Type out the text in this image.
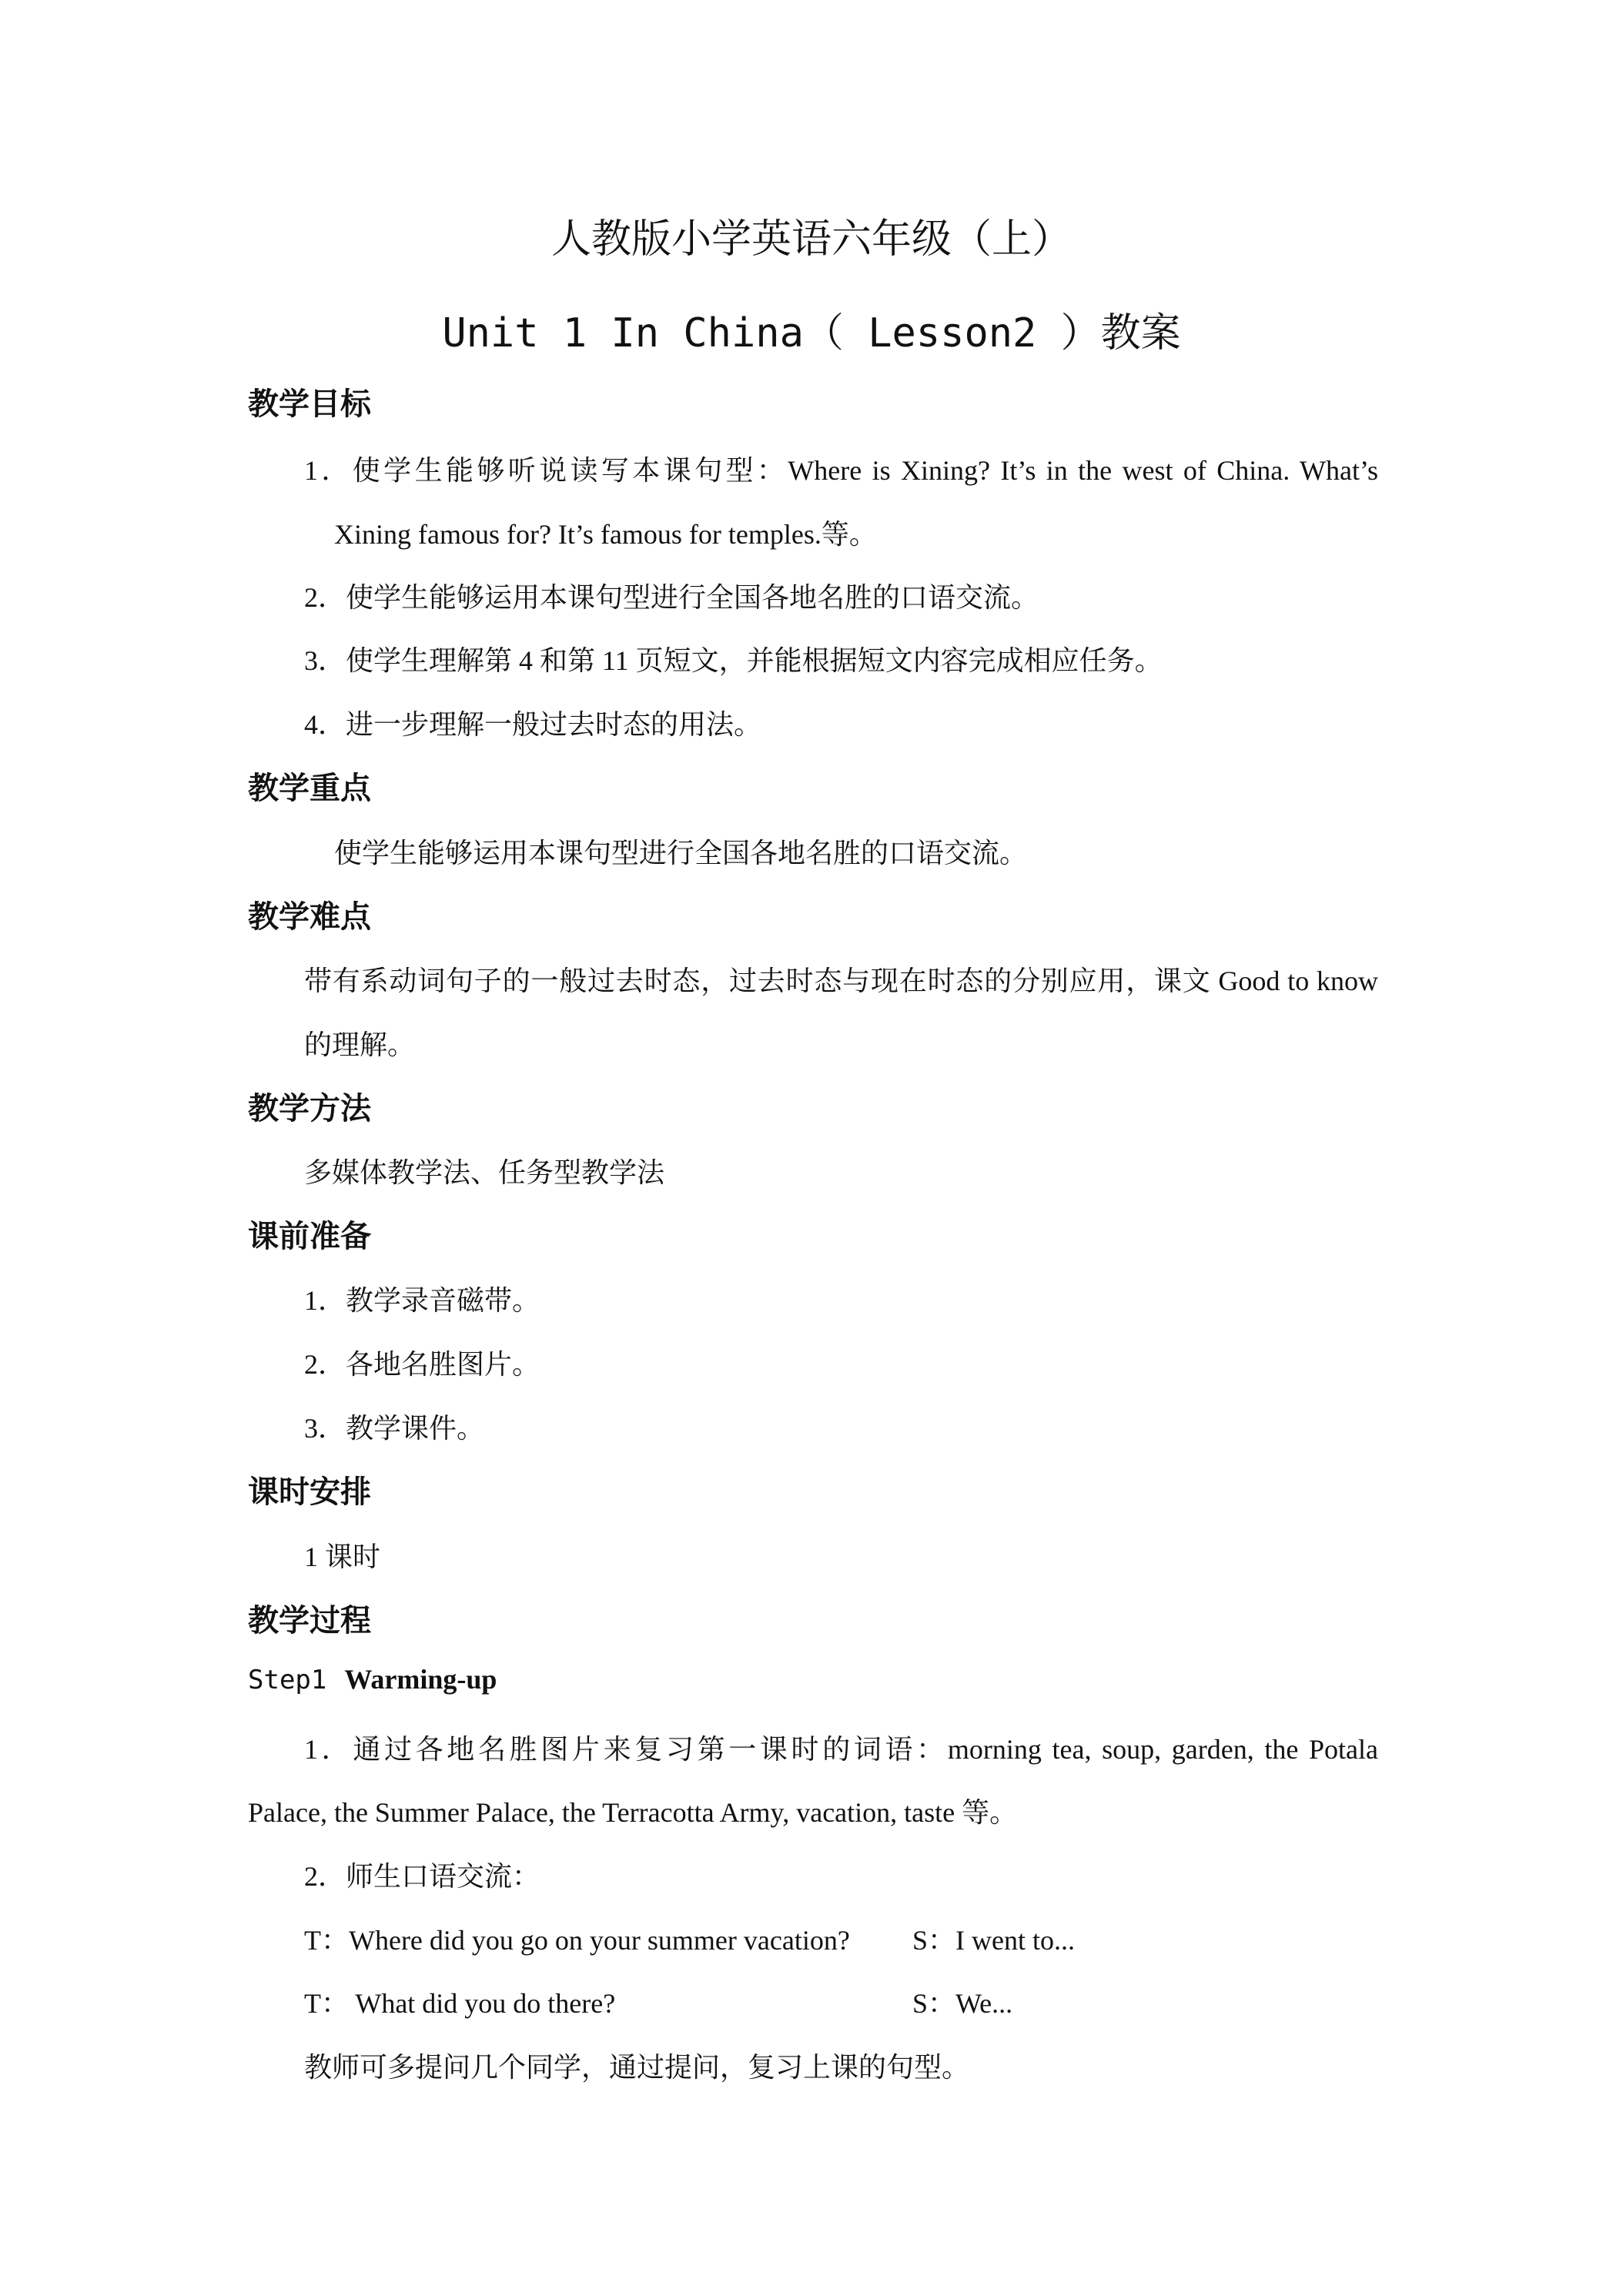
人教版小学英语六年级（上）
Unit 1 In China（ Lesson2 ）教案
教学目标
1．使学生能够听说读写本课句型：Where is Xining? It’s in the west of China. What’s
Xining famous for? It’s famous for temples.等。
2．使学生能够运用本课句型进行全国各地名胜的口语交流。
3．使学生理解第 4 和第 11 页短文，并能根据短文内容完成相应任务。
4．进一步理解一般过去时态的用法。
教学重点
使学生能够运用本课句型进行全国各地名胜的口语交流。
教学难点
带有系动词句子的一般过去时态，过去时态与现在时态的分别应用，课文 Good to know
的理解。
教学方法
多媒体教学法、任务型教学法
课前准备
1．教学录音磁带。
2．各地名胜图片。
3．教学课件。
课时安排
1 课时
教学过程
Step1 Warming-up
1．通过各地名胜图片来复习第一课时的词语：morning tea, soup, garden, the Potala
Palace, the Summer Palace, the Terracotta Army, vacation, taste 等。
2．师生口语交流：
T：Where did you go on your summer vacation? S：I went to...
T： What did you do there?	S：We...
教师可多提问几个同学，通过提问，复习上课的句型。
